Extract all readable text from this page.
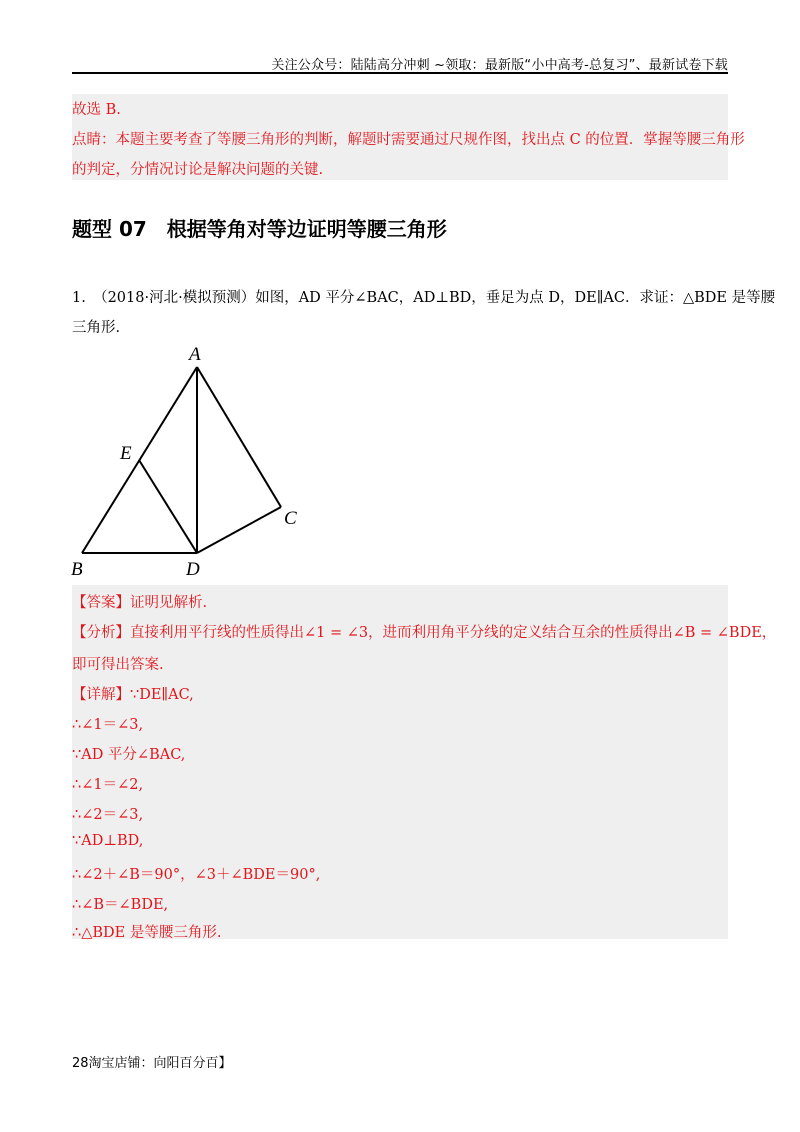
关注公众号：陆陆高分冲刺 ~领取：最新版“小中高考-总复习”、最新试卷下载
故选 B.
点睛：本题主要考查了等腰三角形的判断，解题时需要通过尺规作图，找出点 C 的位置．掌握等腰三角形
的判定，分情况讨论是解决问题的关键.
题型 07　根据等角对等边证明等腰三角形
1.　（2018·河北·模拟预测）如图，AD 平分∠BAC，AD⊥BD，垂足为点 D，DE∥AC．求证：△BDE 是等腰
三角形．
A
E
C
B	D
【答案】证明见解析.
【分析】直接利用平行线的性质得出∠1 = ∠3，进而利用角平分线的定义结合互余的性质得出∠B = ∠BDE，
即可得出答案.
【详解】∵DE∥AC,
∴∠1＝∠3,
∵AD 平分∠BAC,
∴∠1＝∠2,
∴∠2＝∠3,
∵AD⊥BD,
∴∠2＋∠B＝90°，∠3＋∠BDE＝90°,
∴∠B＝∠BDE,
∴△BDE 是等腰三角形.
28淘宝店铺：向阳百分百】
